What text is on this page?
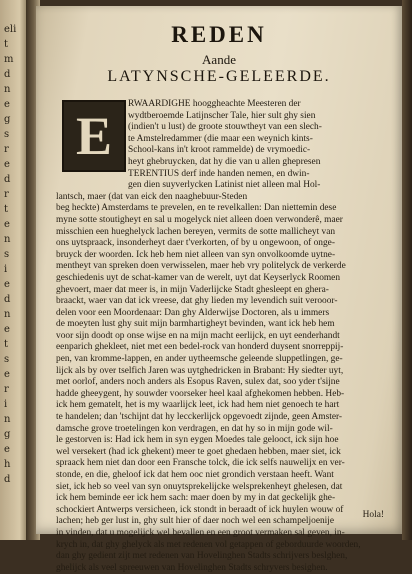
eli
t
m
d
n
e
g
s
r
e
d
r
t
e
n
s
i
e
d
n
e
t
s
e
r
i
n
g
e
h
d
REDEN
Aande
LATYNSCHE-GELEERDE.
E
RWAARDIGHE hooggheachte Meesteren der
wydtberoemde Latijnscher Tale, hier sult ghy sien
(indien't u lust) de groote stouwtheyt van een slech-
te Amstelredammer (die maar een weynich kints-
School-kans in't kroot rammelde) de vrymoedic-
heyt ghebruycken, dat hy die van u allen ghepresen
TERENTIUS derf inde handen nemen, en dwin-
gen dien suyverlycken Latinist niet alleen mal Hol-
lantsch, maer (dat van eick den naaghebuur-Steden
beg heckte) Amsterdams te prevelen, en te revelkallen: Dan niettemin dese
myne sotte stoutigheyt en sal u mogelyck niet alleen doen verwonderê, maer
misschien een hueghelyck lachen bereyen, vermits de sotte mallicheyt van
ons uytspraack, insonderheyt daer t'verkorten, of by u ongewoon, of onge-
bruyck der woorden. Ick heb hem niet alleen van syn onvolkoomde uytne-
mentheyt van spreken doen verwisselen, maer heb vry politelyck de verkerde
geschiedenis uyt de schat-kamer van de werelt, uyt dat Keyserlyck Roomen
ghevoert, maer dat meer is, in mijn Vaderlijcke Stadt ghesleept en ghera-
braackt, waer van dat ick vreese, dat ghy lieden my levendich suit verooor-
delen voor een Moordenaar: Dan ghy Alderwijse Doctoren, als u immers
de moeyten lust ghy suit mijn barmhartigheyt bevinden, want ick heb hem
voor sijn doodt op onse wijse en na mijn macht eerlijck, en uyt eenderhandt
eenparich ghekleet, niet met een bedel-rock van honderd duysent snorreppij-
pen, van kromme-lappen, en ander uytheemsche geleende sluppetlingen, ge-
lijck als by over tselfich Jaren was uytghedricken in Brabant: Hy siedter uyt,
met oorlof, anders noch anders als Esopus Raven, sulex dat, soo yder t'sijne
hadde gheeygent, hy souwder voorseker heel kaal afghekomen hebben. Heb-
ick hem gematelt, het is my waarlijck leet, ick had hem niet genoech te hart
te handelen; dan 'tschijnt dat hy lecckerlijck opgevoedt zijnde, geen Amster-
damsche grove troetelingen kon verdragen, en dat hy so in mijn gode wil-
le gestorven is: Had ick hem in syn eygen Moedes tale gelooct, ick sijn hoe
wel versekert (had ick ghekent) meer te goet ghedaen hebben, maer siet, ick
spraack hem niet dan door een Fransche tolck, die ick selfs nauwelijx en ver-
stonde, en die, gheloof ick dat hem ooc niet grondich verstaan heeft. Want
siet, ick heb so veel van syn onuytsprekelijcke welsprekenheyt ghelesen, dat
ick hem beminde eer ick hem sach: maer doen by my in dat geckelijk ghe-
schockiert Antwerps versicheen, ick stondt in beraadt of ick huylen wouw of
lachen; heb ger lust in, ghy sult hier of daer noch wel een schampeljoenije
in vinden, dat u mogelijck wel bevallen en een groot vermaken sal geven, in-
krych in, dat ghy ghelyck als met redenen vol getappen of geborduurde woorden,
dan ghy gedient zijt met redenen van Hovelinghen Stadts schrijvers beslghen,
ghelijck als veel spreeuwen van Hovelinghen Stadts schryvers besighen.
Hola!
